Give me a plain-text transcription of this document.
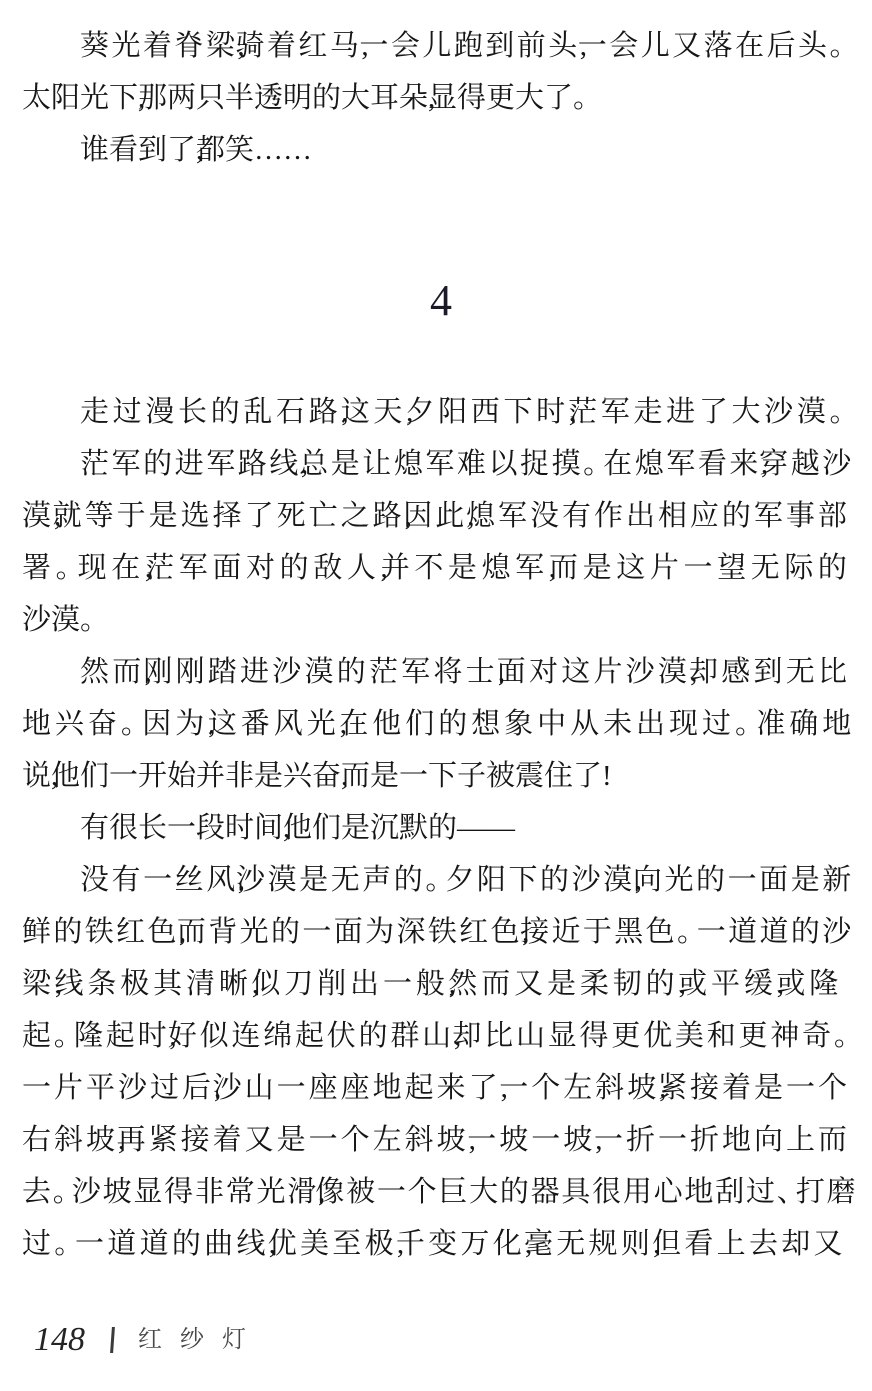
葵光着脊梁骑着红马一会儿跑到前头一会儿又落在后头。
太阳光下那两只半透明的大耳朵显得更大了。
谁看到了都笑……
4
走过漫长的乱石路这天夕阳西下时茫军走进了大沙漠。
茫军的进军路线总是让熄军难以捉摸。在熄军看来穿越沙
漠就等于是选择了死亡之路因此熄军没有作出相应的军事部
署。现在茫军面对的敌人并不是熄军而是这片一望无际的
沙漠。
然而刚刚踏进沙漠的茫军将士面对这片沙漠却感到无比
地兴奋。因为这番风光在他们的想象中从未出现过。准确地
说他们一开始并非是兴奋而是一下子被震住了!
有很长一段时间他们是沉默的——
没有一丝风沙漠是无声的。夕阳下的沙漠向光的一面是新
鲜的铁红色而背光的一面为深铁红色接近于黑色。一道道的沙
梁线条极其清晰似刀削出一般然而又是柔韧的或平缓或隆
起。隆起时好似连绵起伏的群山却比山显得更优美和更神奇。
一片平沙过后沙山一座座地起来了一个左斜坡紧接着是一个
右斜坡再紧接着又是一个左斜坡一坡一坡一折一折地向上而
去。沙坡显得非常光滑像被一个巨大的器具很用心地刮过、打磨
过。一道道的曲线优美至极千变万化毫无规则但看上去却又
148 红纱灯
